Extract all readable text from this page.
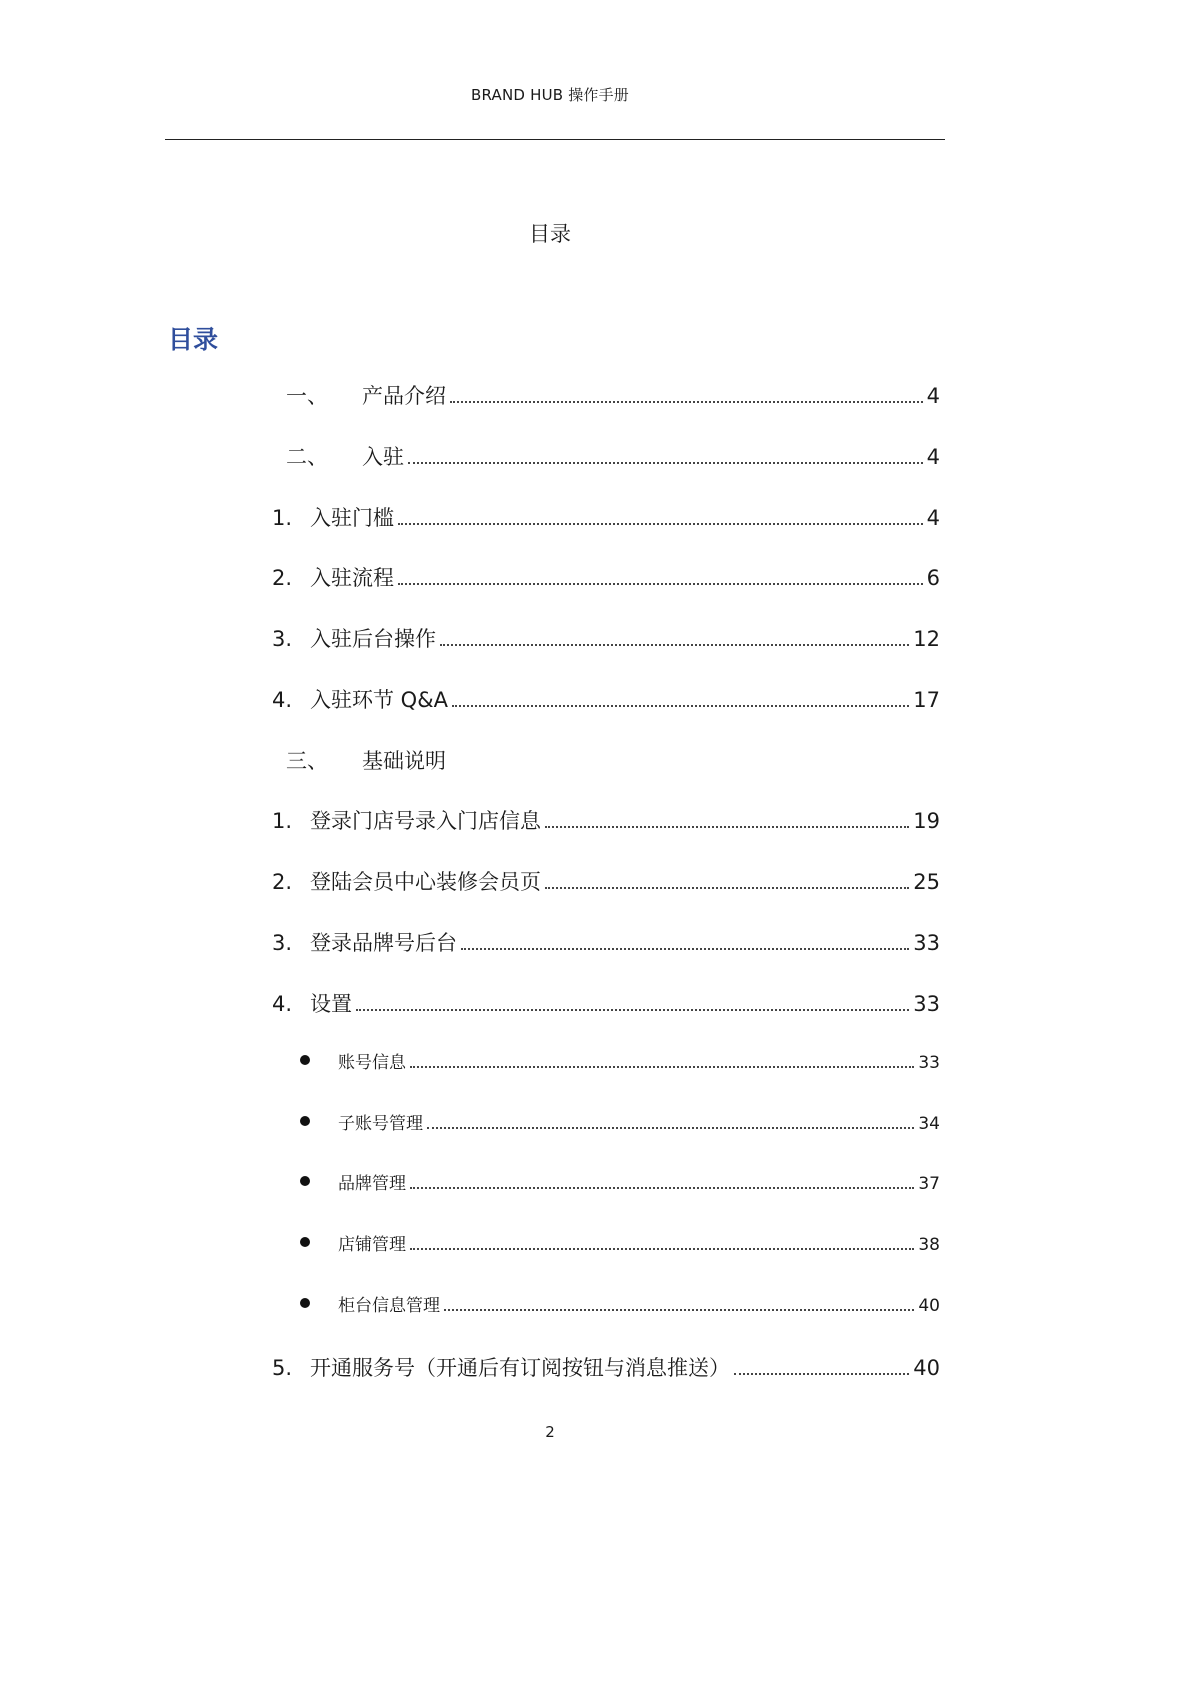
BRAND HUB 操作手册
目录
目录
一、	产品介绍	4
二、	入驻	4
1. 入驻门槛	4
2. 入驻流程	6
3. 入驻后台操作	12
4. 入驻环节 Q&A	17
三、	基础说明
1. 登录门店号录入门店信息	19
2. 登陆会员中心装修会员页	25
3. 登录品牌号后台	33
4. 设置	33
账号信息	33
子账号管理	34
品牌管理	37
店铺管理	38
柜台信息管理	40
5. 开通服务号（开通后有订阅按钮与消息推送）	40
2
